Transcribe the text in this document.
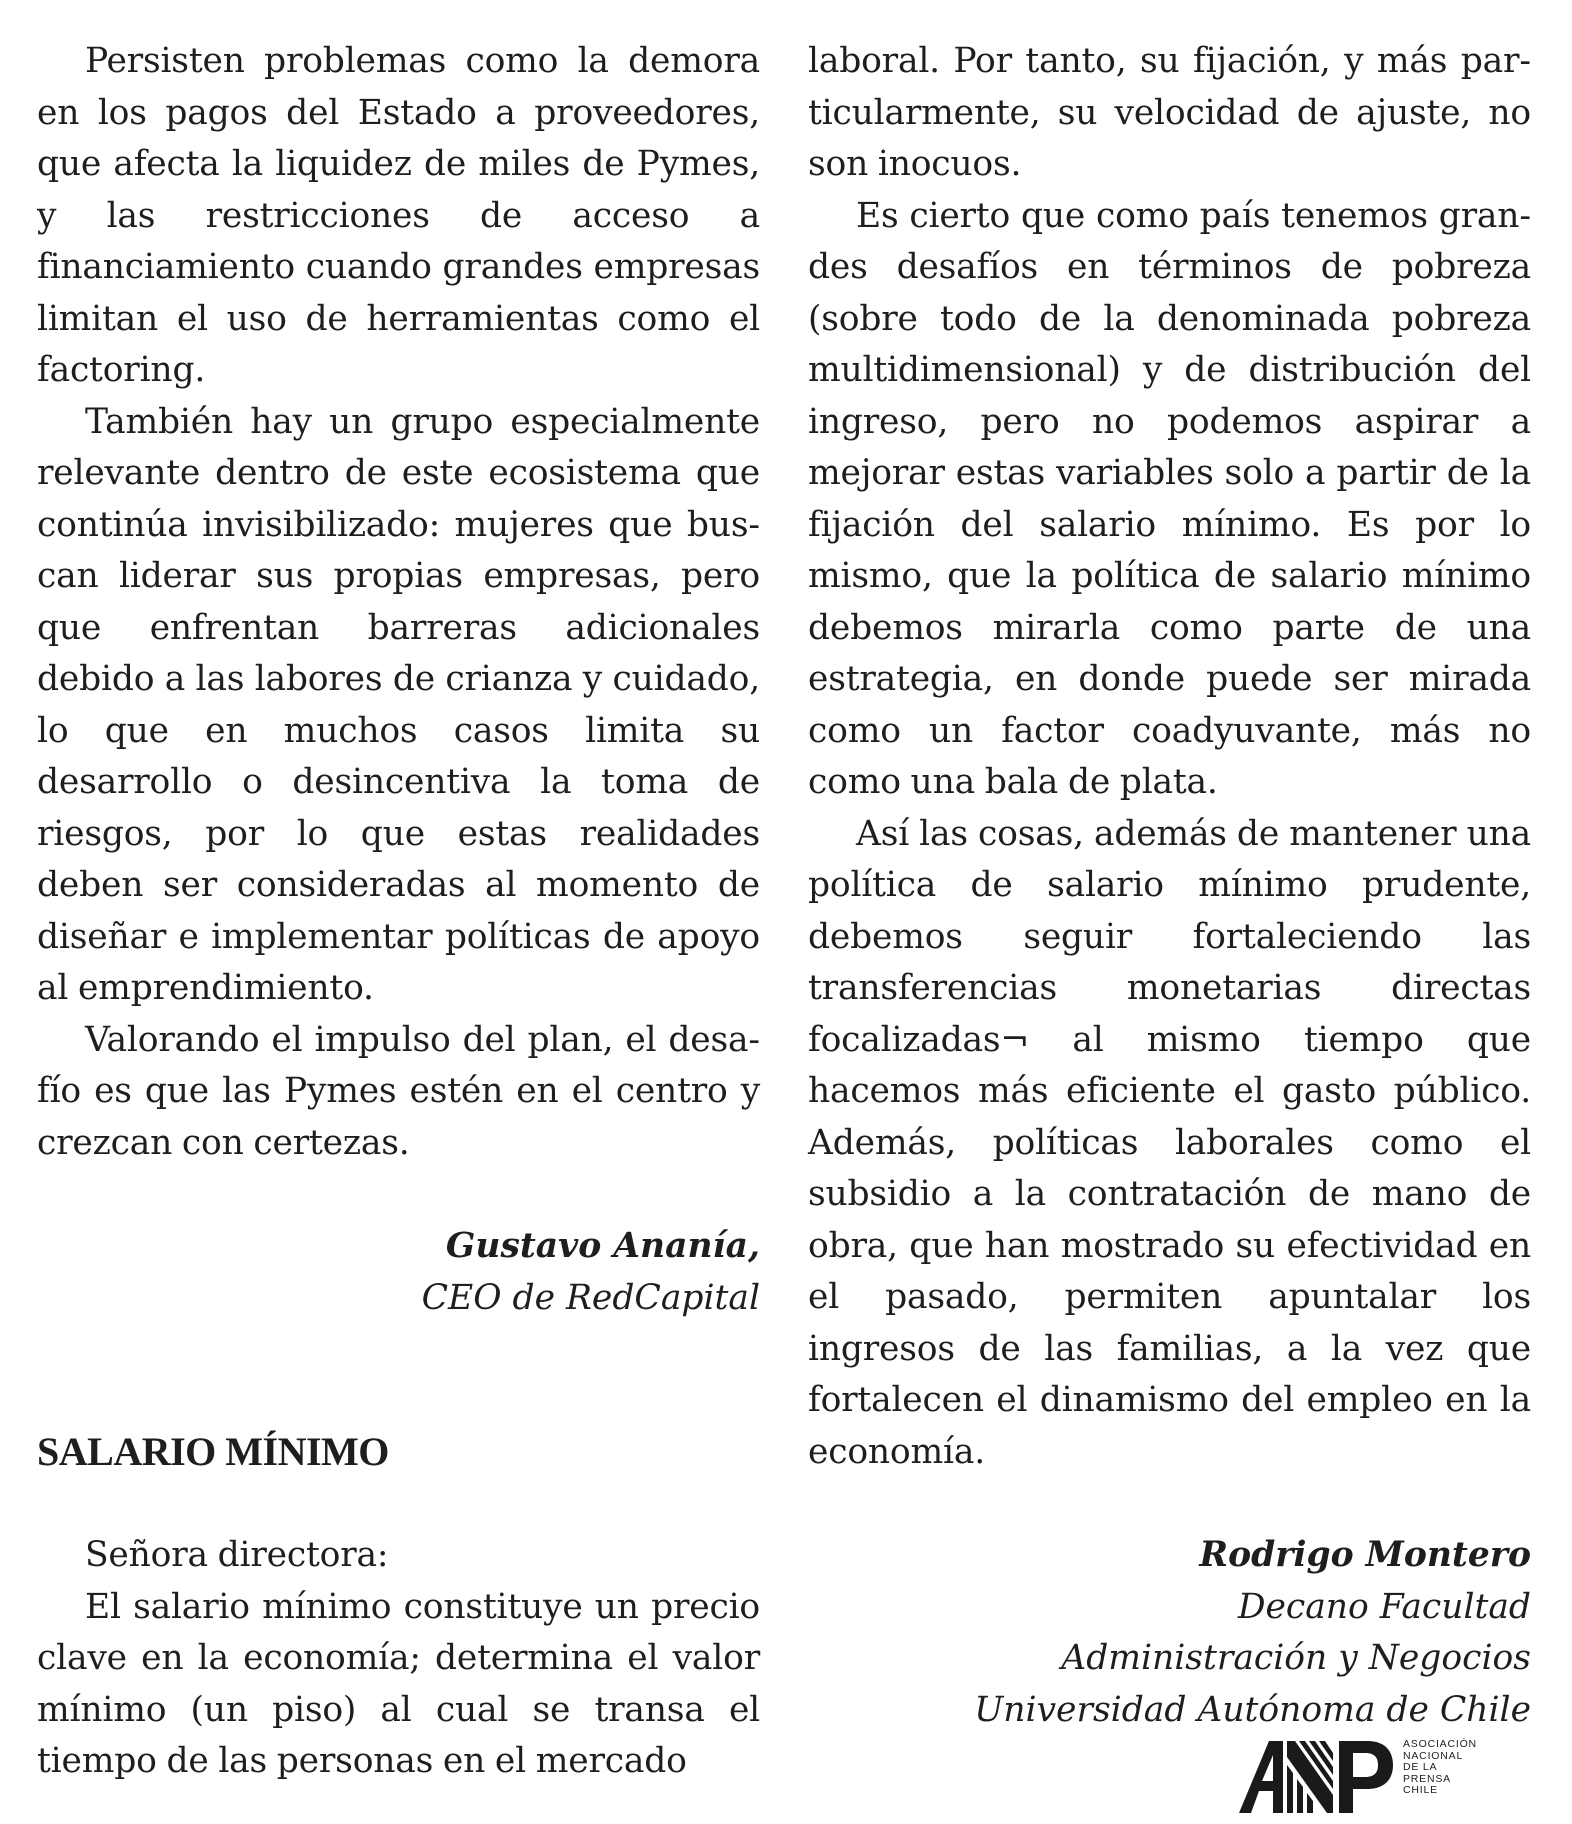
Persisten problemas como la demora en los pagos del Estado a proveedores, que afecta la liquidez de miles de Pymes, y las restricciones de acceso a financiamiento cuando grandes empresas limitan el uso de herramientas como el factoring.

También hay un grupo especialmente relevante dentro de este ecosistema que continúa invisibilizado: mujeres que buscan liderar sus propias empresas, pero que enfrentan barreras adicionales debido a las labores de crianza y cuidado, lo que en muchos casos limita su desarrollo o desincentiva la toma de riesgos, por lo que estas realidades deben ser consideradas al momento de diseñar e implementar políticas de apoyo al emprendimiento.

Valorando el impulso del plan, el desafío es que las Pymes estén en el centro y crezcan con certezas.

Gustavo Ananía,

CEO de RedCapital

SALARIO MÍNIMO

Señora directora:

El salario mínimo constituye un precio clave en la economía; determina el valor mínimo (un piso) al cual se transa el tiempo de las personas en el mercado

laboral. Por tanto, su fijación, y más particularmente, su velocidad de ajuste, no son inocuos.

Es cierto que como país tenemos grandes desafíos en términos de pobreza (sobre todo de la denominada pobreza multidimensional) y de distribución del ingreso, pero no podemos aspirar a mejorar estas variables solo a partir de la fijación del salario mínimo. Es por lo mismo, que la política de salario mínimo debemos mirarla como parte de una estrategia, en donde puede ser mirada como un factor coadyuvante, más no como una bala de plata.

Así las cosas, además de mantener una política de salario mínimo prudente, debemos seguir fortaleciendo las transferencias monetarias directas focalizadas¬ al mismo tiempo que hacemos más eficiente el gasto público. Además, políticas laborales como el subsidio a la contratación de mano de obra, que han mostrado su efectividad en el pasado, permiten apuntalar los ingresos de las familias, a la vez que fortalecen el dinamismo del empleo en la economía.

Rodrigo Montero

Decano Facultad

Administración y Negocios

Universidad Autónoma de Chile

ASOCIACIÓN
NACIONAL
DE LA PRENSA
CHILE
